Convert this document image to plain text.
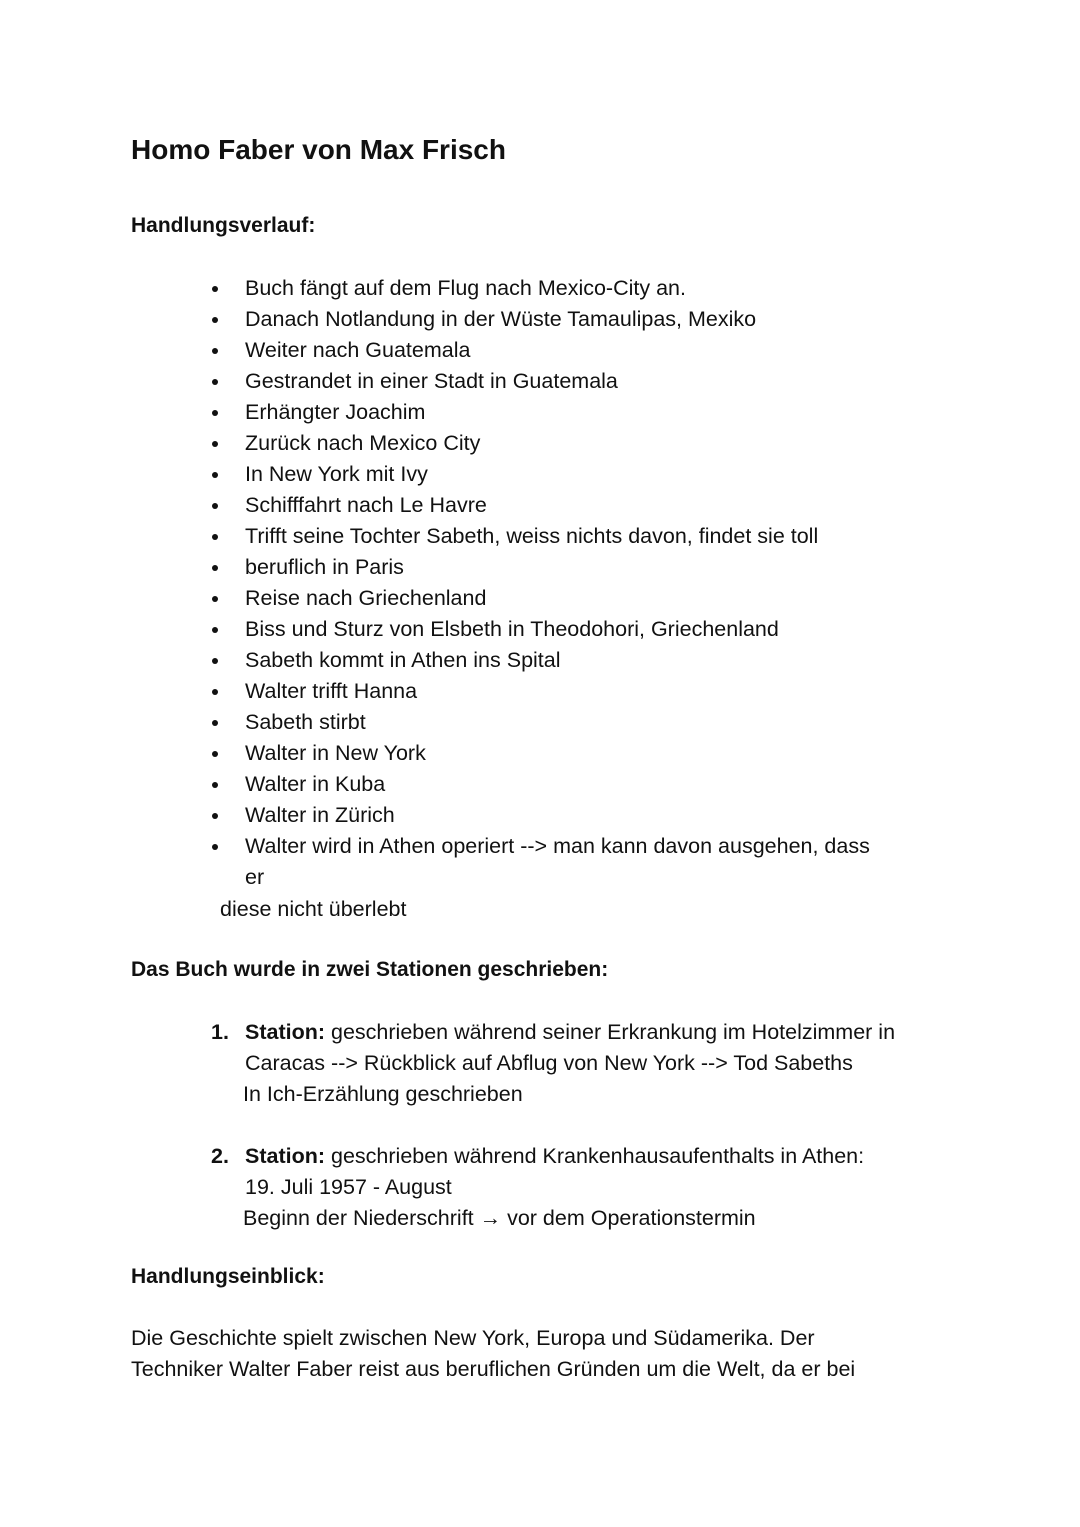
Homo Faber von Max Frisch
Handlungsverlauf:
Buch fängt auf dem Flug nach Mexico-City an.
Danach Notlandung in der Wüste Tamaulipas, Mexiko
Weiter nach Guatemala
Gestrandet in einer Stadt in Guatemala
Erhängter Joachim
Zurück nach Mexico City
In New York mit Ivy
Schifffahrt nach Le Havre
Trifft seine Tochter Sabeth, weiss nichts davon, findet sie toll
beruflich in Paris
Reise nach Griechenland
Biss und Sturz von Elsbeth in Theodohori, Griechenland
Sabeth kommt in Athen ins Spital
Walter trifft Hanna
Sabeth stirbt
Walter in New York
Walter in Kuba
Walter in Zürich
Walter wird in Athen operiert --> man kann davon ausgehen, dass
er
diese nicht überlebt
Das Buch wurde in zwei Stationen geschrieben:
1. Station: geschrieben während seiner Erkrankung im Hotelzimmer in
Caracas --> Rückblick auf Abflug von New York --> Tod Sabeths
In Ich-Erzählung geschrieben
2. Station: geschrieben während Krankenhausaufenthalts in Athen:
19. Juli 1957 - August
Beginn der Niederschrift → vor dem Operationstermin
Handlungseinblick:

Die Geschichte spielt zwischen New York, Europa und Südamerika. Der
Techniker Walter Faber reist aus beruflichen Gründen um die Welt, da er bei
